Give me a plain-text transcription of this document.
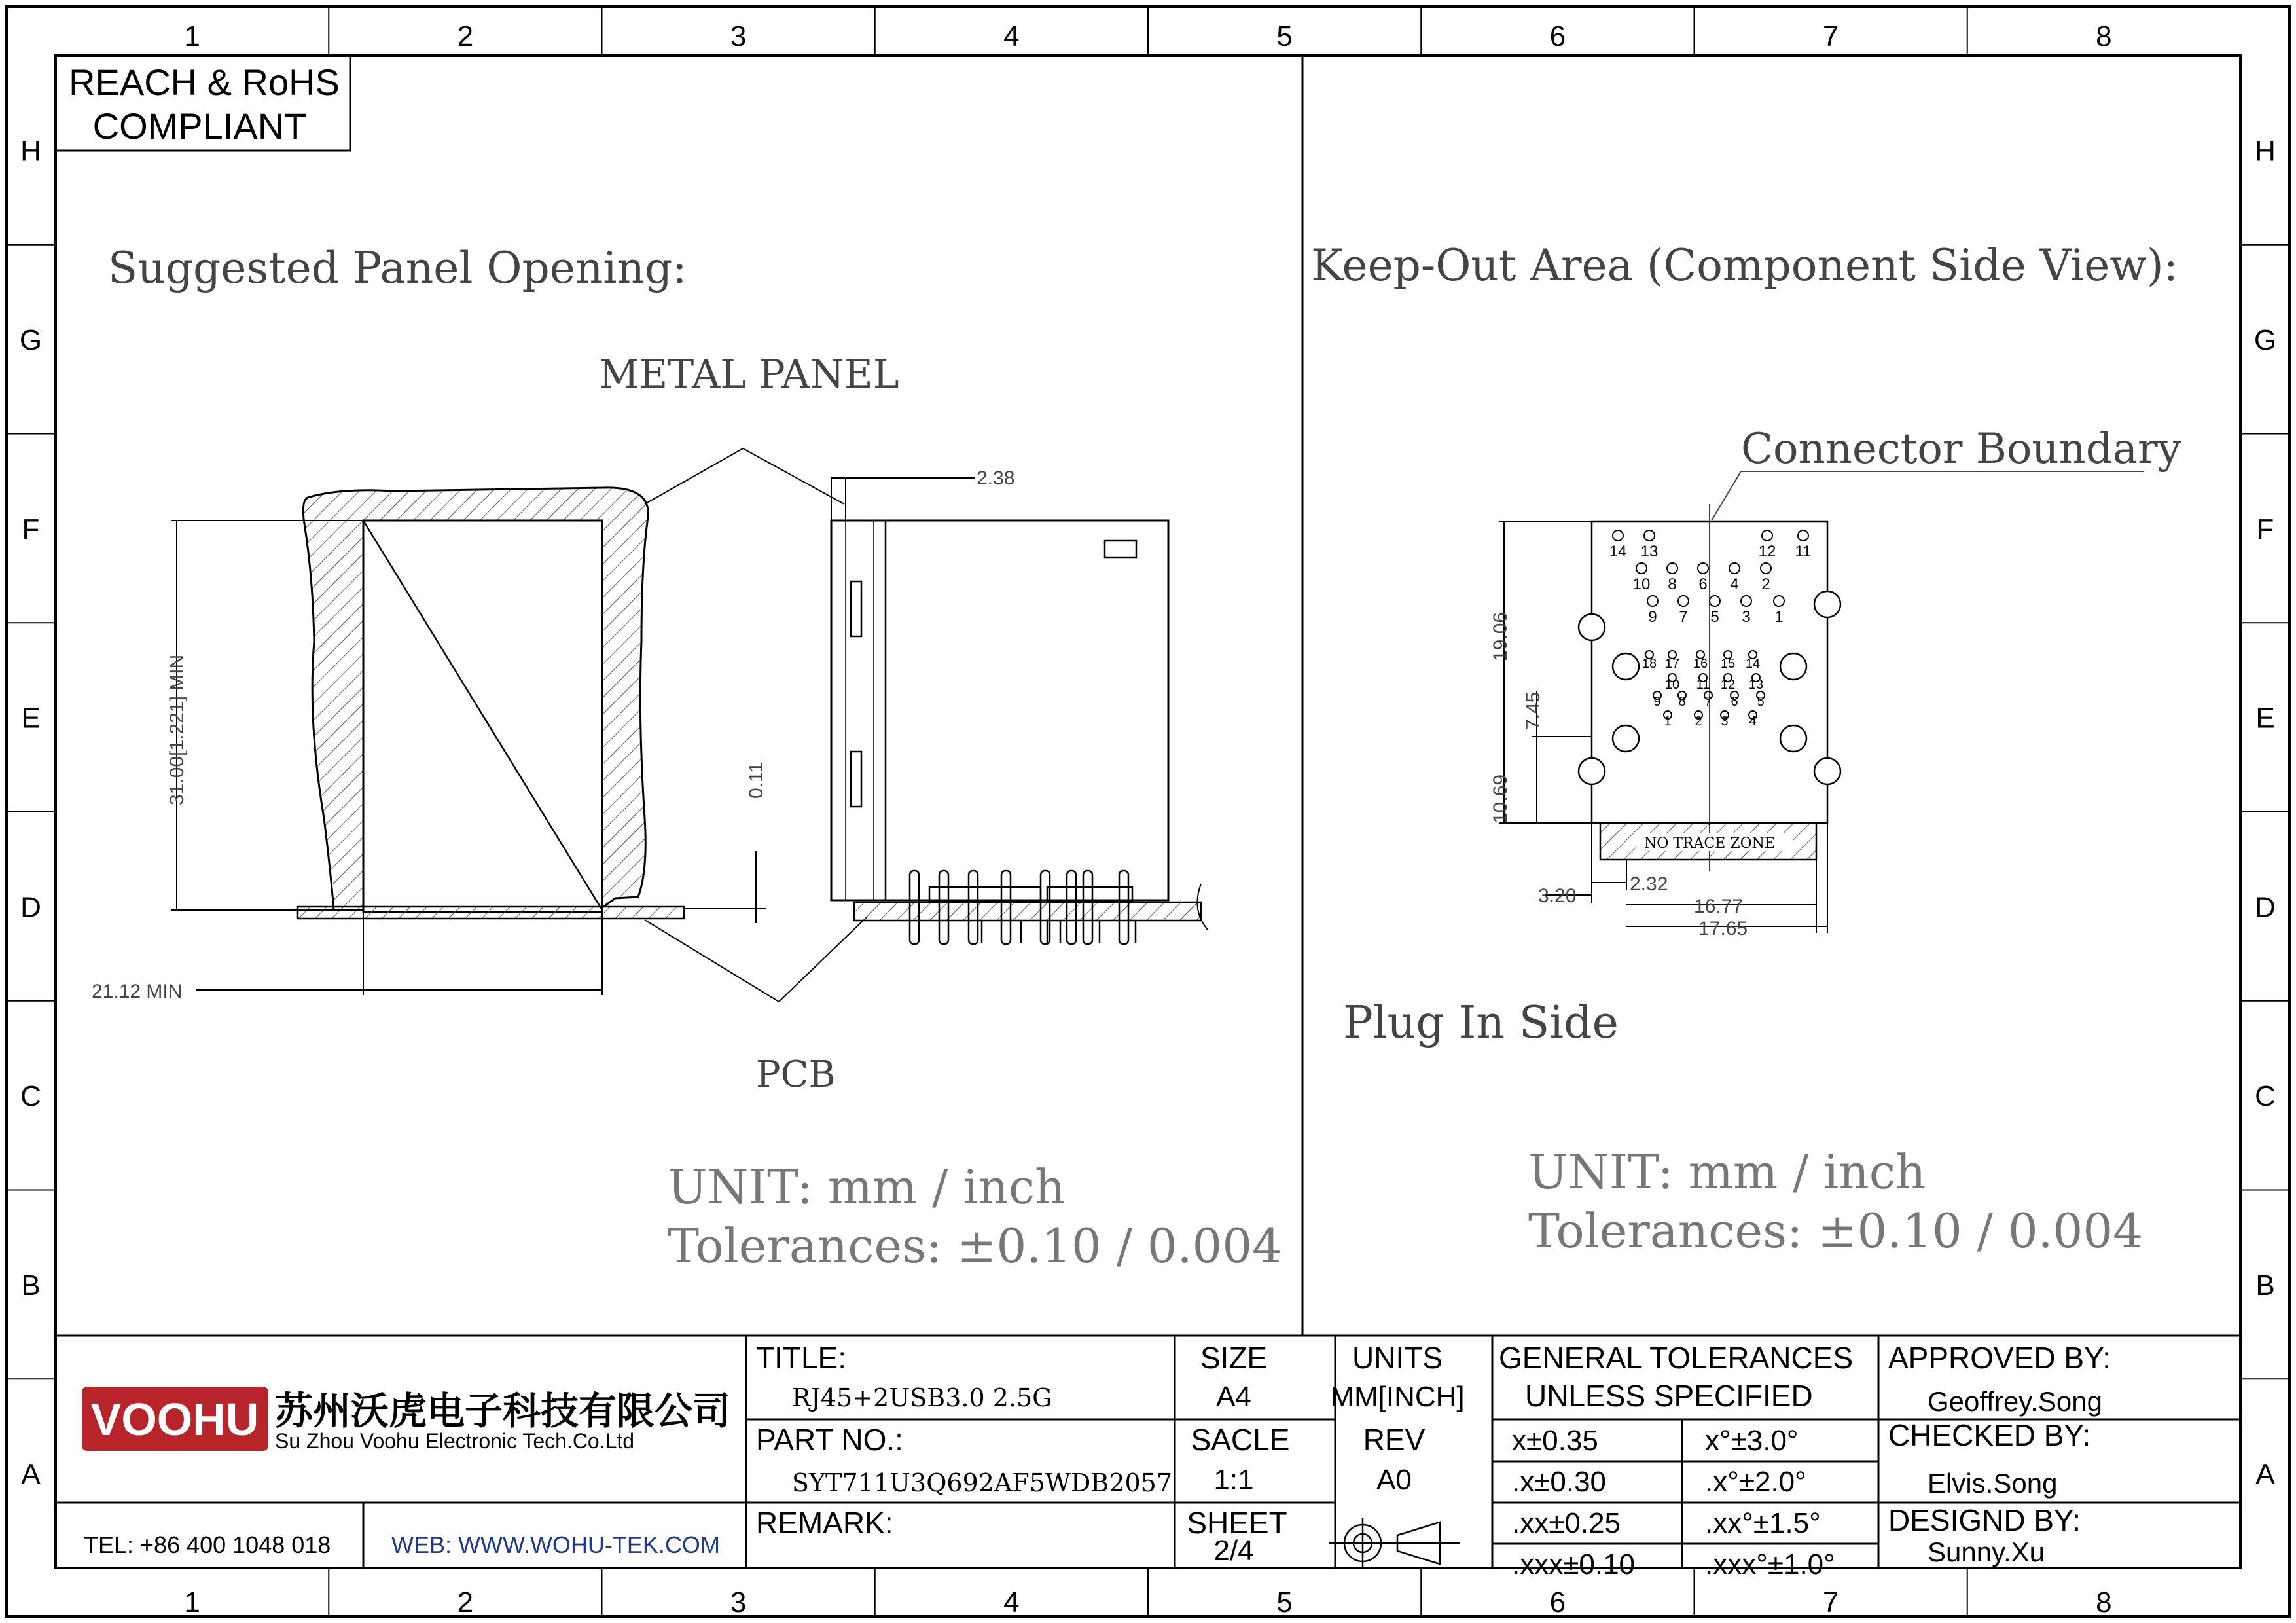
1
1
2
2
3
3
4
4
5
5
6
6
7
7
8
8
H	H
G	G
F	F
E	E
D	D
C	C
B	B
A	A
REACH & RoHS
COMPLIANT
Suggested Panel Opening:
METAL PANEL
31.00[1.221] MIN
21.12 MIN
0.11
PCB
2.38
UNIT: mm / inch
Tolerances: ±0.10 / 0.004
Keep-Out Area (Component Side View):
Connector Boundary
NO TRACE ZONE
14 13	12 11
10 8 6 4 2
9 7 5 3 1
18 17 16 15 14
10 11 12 13
9 8 7 6 5
1 2 3 4
19.06
7.45
10.69
3.20
2.32
16.77
17.65
Plug In Side
UNIT: mm / inch
Tolerances: ±0.10 / 0.004
VOOHU 苏州沃虎电子科技有限公司
Su Zhou Voohu Electronic Tech.Co.Ltd
TEL: +86 400 1048 018	WEB: WWW.WOHU-TEK.COM
TITLE:
RJ45+2USB3.0 2.5G
PART NO.:
SYT711U3Q692AF5WDB2057
REMARK:
SIZE
A4
SACLE
1:1
SHEET
2/4
UNITS
MM[INCH]
REV
A0
GENERAL TOLERANCES
UNLESS SPECIFIED
x±0.35	x°±3.0°
.x±0.30	.x°±2.0°
.xx±0.25	.xx°±1.5°
.xxx±0.10 .xxx°±1.0°
APPROVED BY:
Geoffrey.Song
CHECKED BY:
Elvis.Song
DESIGND BY:
Sunny.Xu
